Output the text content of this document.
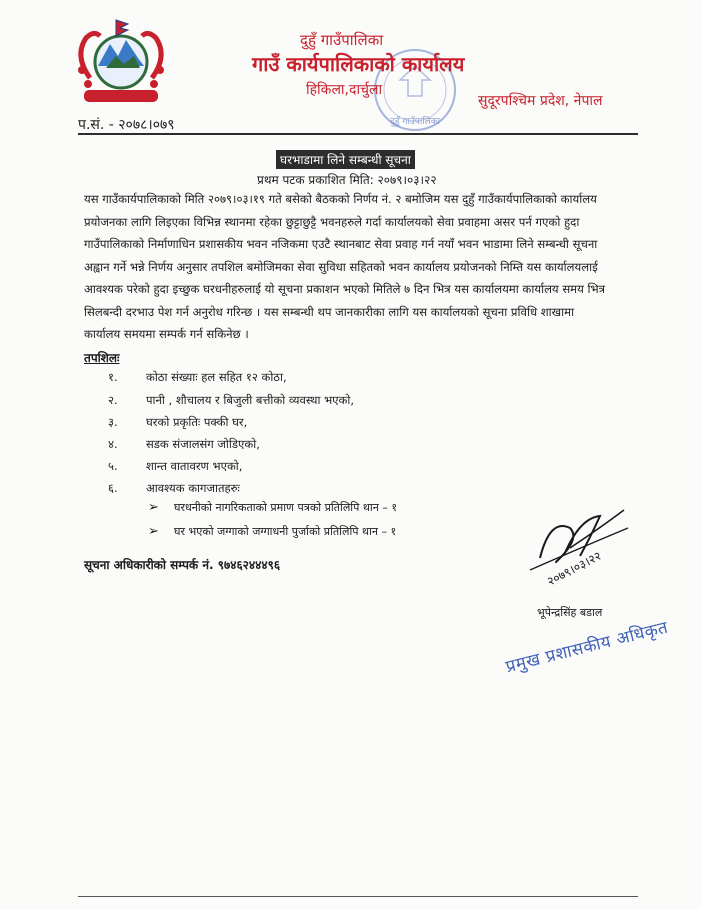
दुहुँ गाउँपालिका
दुहुँ गाउँपालिका
गाउँ कार्यपालिकाको कार्यालय
हिकिला,दार्चुला
सुदूरपश्चिम प्रदेश, नेपाल
प.सं. - २०७८।०७९
घरभाडामा लिने सम्बन्धी सूचना
प्रथम पटक प्रकाशित मिति: २०७९।०३।२२
यस गाउँकार्यपालिकाको मिति २०७९।०३।१९ गते बसेको बैठकको निर्णय नं. २ बमोजिम यस दुहुँ गाउँकार्यपालिकाको कार्यालय
प्रयोजनका लागि लिइएका विभिन्न स्थानमा रहेका छुट्टाछुट्टै भवनहरुले गर्दा कार्यालयको सेवा प्रवाहमा असर पर्न गएको हुदा
गाउँपालिकाको निर्माणाधिन प्रशासकीय भवन नजिकमा एउटै स्थानबाट सेवा प्रवाह गर्न नयाँ भवन भाडामा लिने सम्बन्धी सूचना
अह्वान गर्ने भन्ने निर्णय अनुसार तपशिल बमोजिमका सेवा सुविधा सहितको भवन कार्यालय प्रयोजनको निम्ति यस कार्यालयलाई
आवश्यक परेको हुदा इच्छुक घरधनीहरुलाई यो सूचना प्रकाशन भएको मितिले ७ दिन भित्र यस कार्यालयमा कार्यालय समय भित्र
सिलबन्दी दरभाउ पेश गर्न अनुरोध गरिन्छ । यस सम्बन्धी थप जानकारीका लागि यस कार्यालयको सूचना प्रविधि शाखामा
कार्यालय समयमा सम्पर्क गर्न सकिनेछ ।
तपशिलः
१. कोठा संख्याः हल सहित १२ कोठा,
२. पानी , शौचालय र बिजुली बत्तीको व्यवस्था भएको,
३. घरको प्रकृतिः पक्की घर,
४. सडक संजालसंग जोडिएको,
५. शान्त वातावरण भएको,
६. आवश्यक कागजातहरुः
➢ घरधनीको नागरिकताको प्रमाण पत्रको प्रतिलिपि थान – १
➢ घर भएको जग्गाको जग्गाधनी पुर्जाको प्रतिलिपि थान – १
सूचना अधिकारीको सम्पर्क नं. ९७४६२४४४९६	२०७९।०३।२२
भूपेन्द्रसिंह बडाल
प्रमुख प्रशासकीय अधिकृत
